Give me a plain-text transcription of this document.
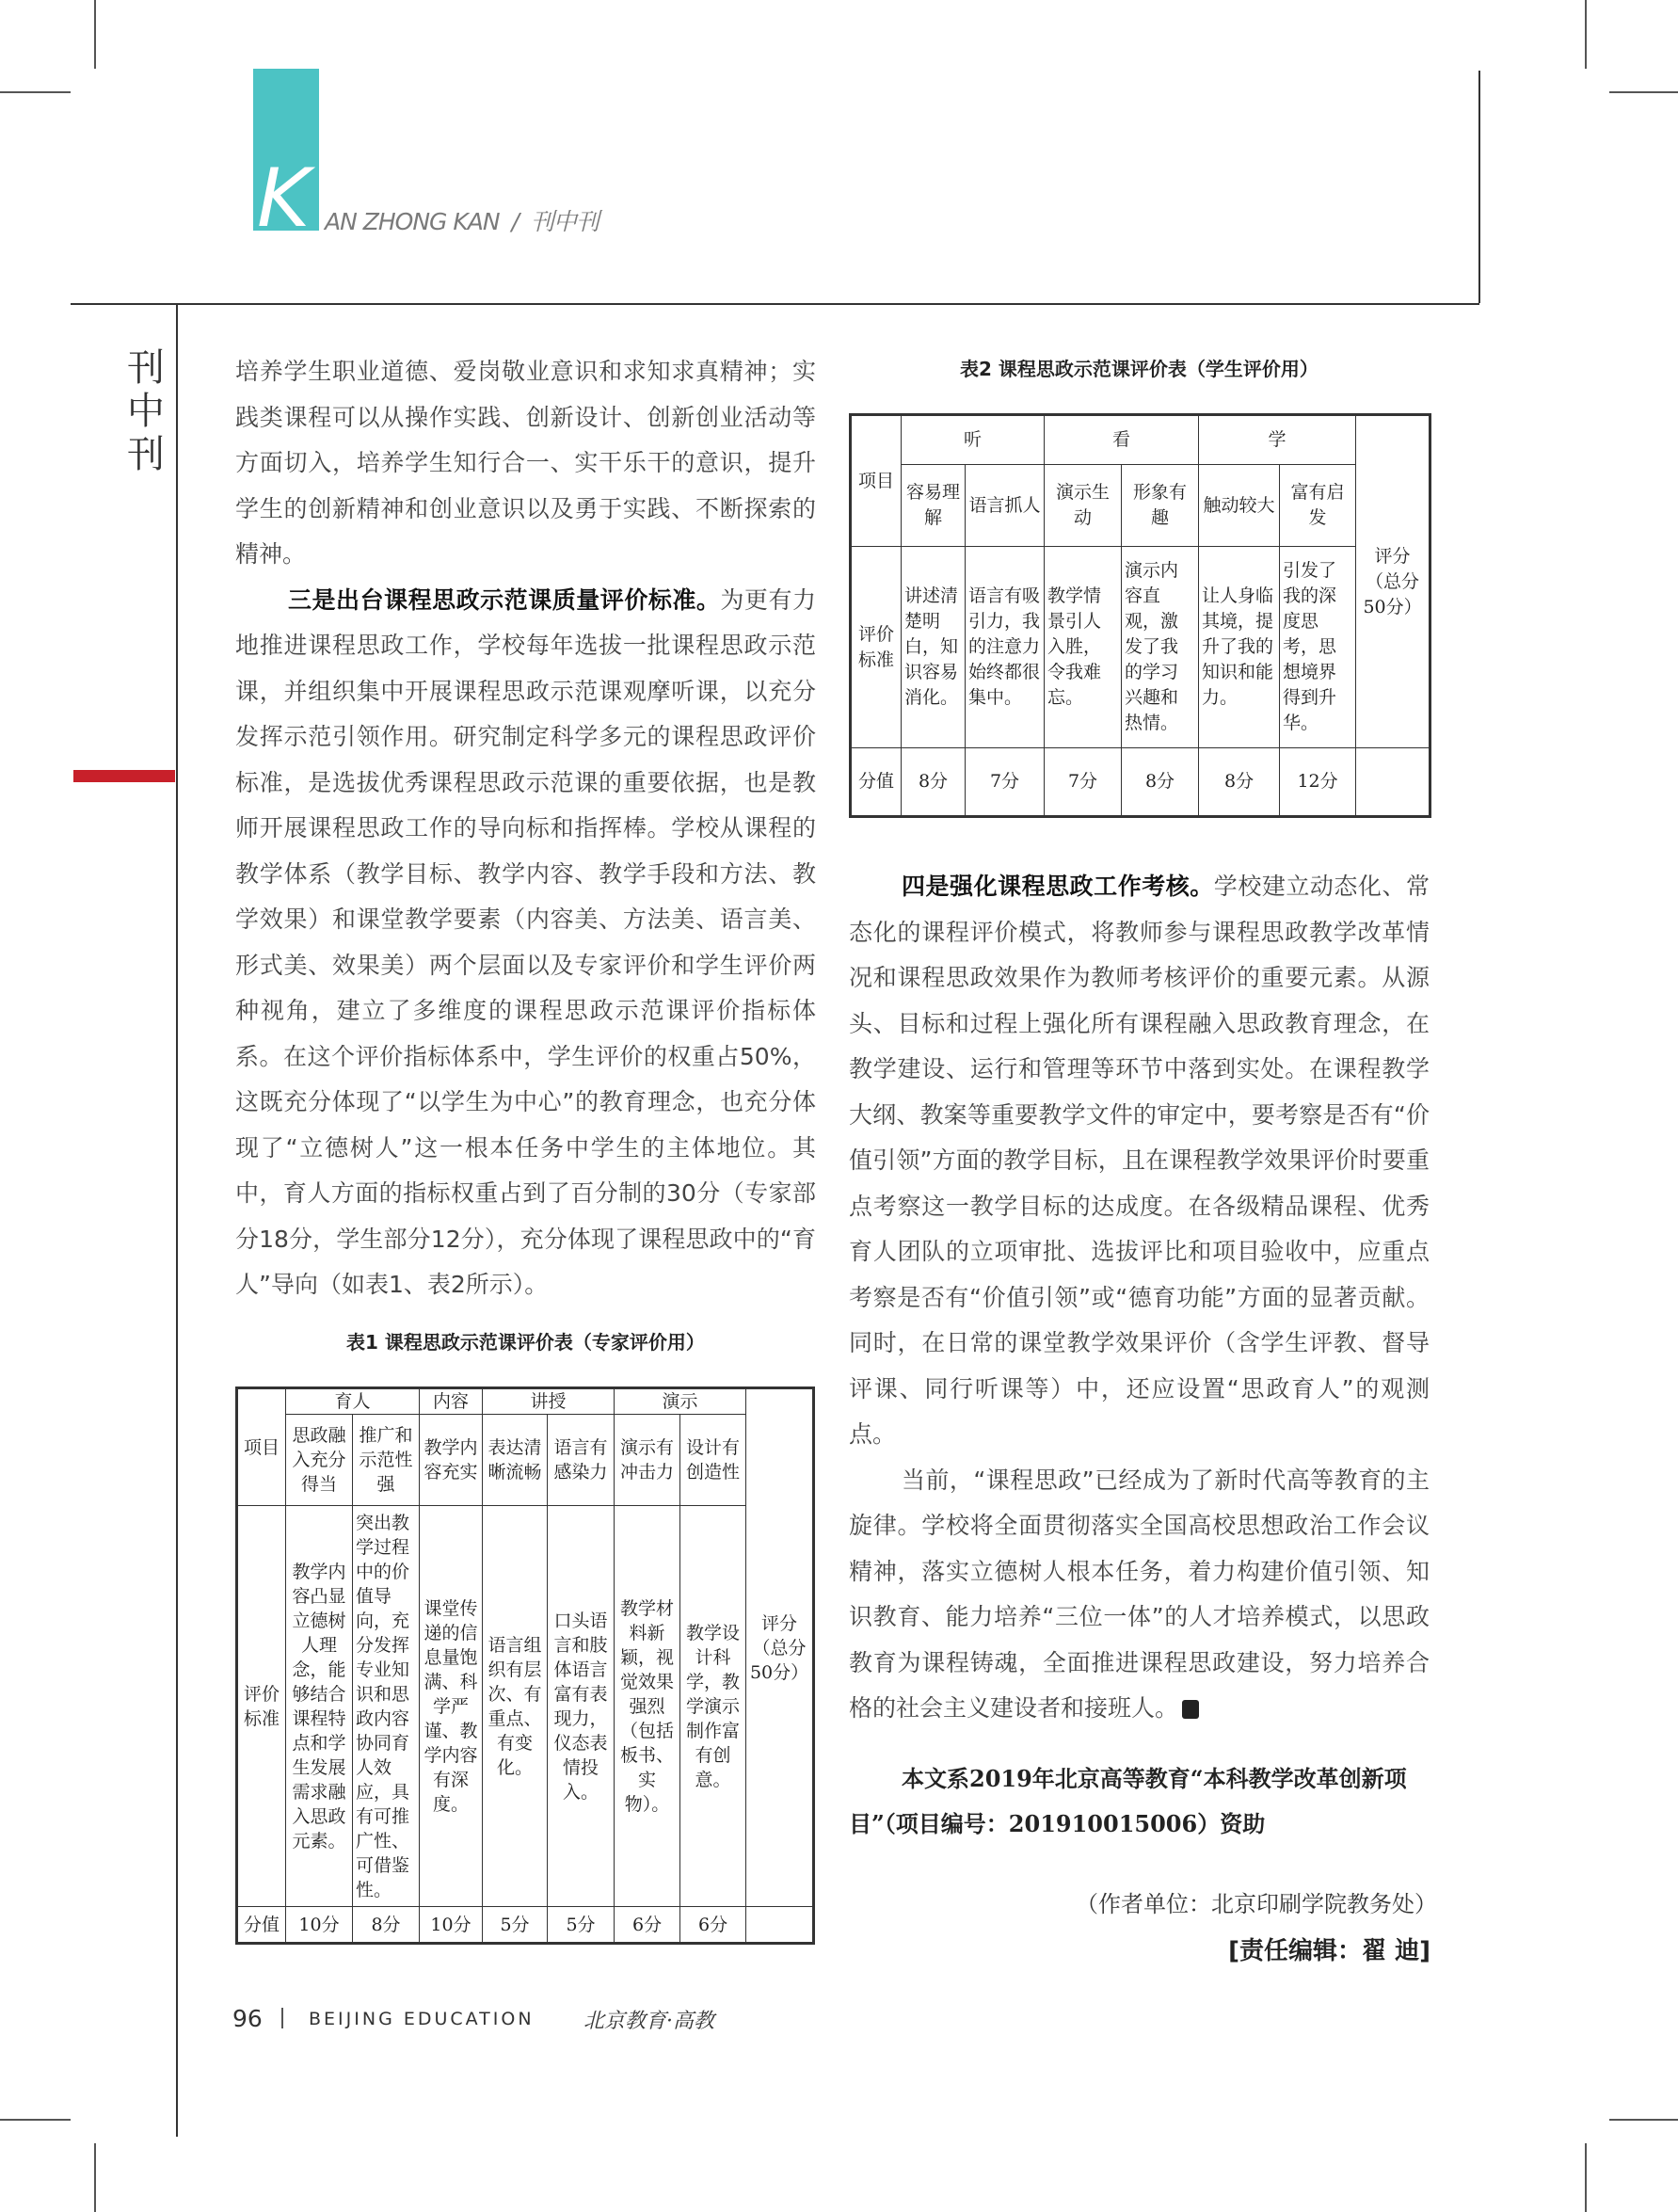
K AN ZHONG KAN / 刊中刊
刊中刊

培养学生职业道德、爱岗敬业意识和求知求真精神；实践类课程可以从操作实践、创新设计、创新创业活动等方面切入，培养学生知行合一、实干乐干的意识，提升学生的创新精神和创业意识以及勇于实践、不断探索的精神。

三是出台课程思政示范课质量评价标准。为更有力地推进课程思政工作，学校每年选拔一批课程思政示范课，并组织集中开展课程思政示范课观摩听课，以充分发挥示范引领作用。研究制定科学多元的课程思政评价标准，是选拔优秀课程思政示范课的重要依据，也是教师开展课程思政工作的导向标和指挥棒。学校从课程的教学体系（教学目标、教学内容、教学手段和方法、教学效果）和课堂教学要素（内容美、方法美、语言美、形式美、效果美）两个层面以及专家评价和学生评价两种视角，建立了多维度的课程思政示范课评价指标体系。在这个评价指标体系中，学生评价的权重占50%，这既充分体现了“以学生为中心”的教育理念，也充分体现了“立德树人”这一根本任务中学生的主体地位。其中，育人方面的指标权重占到了百分制的30分（专家部分18分，学生部分12分），充分体现了课程思政中的“育人”导向（如表1、表2所示）。

表1 课程思政示范课评价表（专家评价用）
项目	育人		内容	讲授		演示		评分（总分50分）
	思政融入充分得当	推广和示范性强	教学内容充实	表达清晰流畅	语言有感染力	演示有冲击力	设计有创造性	
评价标准	教学内容凸显立德树人理念，能够结合课程特点和学生发展需求融入思政元素。	突出教学过程中的价值导向，充分发挥专业知识和思政内容协同育人效应，具有可推广性、可借鉴性。	课堂传递的信息量饱满、科学严谨、教学内容有深度。	语言组织有层次、有重点、有变化。	口头语言和肢体语言富有表现力，仪态表情投入。	教学材料新颖，视觉效果强烈（包括板书、实物）。	教学设计科学，教学演示制作富有创意。	
分值	10分	8分	10分	5分	5分	6分	6分	
表2 课程思政示范课评价表（学生评价用）
项目	听		看		学		评分（总分50分）
	容易理解	语言抓人	演示生动	形象有趣	触动较大	富有启发	
评价标准	讲述清楚明白，知识容易消化。	语言有吸引力，我的注意力始终都很集中。	教学情景引人入胜，令我难忘。	演示内容直观，激发了我的学习兴趣和热情。	让人身临其境，提升了我的知识和能力。	引发了我的深度思考，思想境界得到升华。	
分值	8分	7分	7分	8分	8分	12分	

四是强化课程思政工作考核。学校建立动态化、常态化的课程评价模式，将教师参与课程思政教学改革情况和课程思政效果作为教师考核评价的重要元素。从源头、目标和过程上强化所有课程融入思政教育理念，在教学建设、运行和管理等环节中落到实处。在课程教学大纲、教案等重要教学文件的审定中，要考察是否有“价值引领”方面的教学目标，且在课程教学效果评价时要重点考察这一教学目标的达成度。在各级精品课程、优秀育人团队的立项审批、选拔评比和项目验收中，应重点考察是否有“价值引领”或“德育功能”方面的显著贡献。同时，在日常的课堂教学效果评价（含学生评教、督导评课、同行听课等）中，还应设置“思政育人”的观测点。

当前，“课程思政”已经成为了新时代高等教育的主旋律。学校将全面贯彻落实全国高校思想政治工作会议精神，落实立德树人根本任务，着力构建价值引领、知识教育、能力培养“三位一体”的人才培养模式，以思政教育为课程铸魂，全面推进课程思政建设，努力培养合格的社会主义建设者和接班人。

本文系2019年北京高等教育“本科教学改革创新项目”（项目编号：201910015006）资助
（作者单位：北京印刷学院教务处）
[责任编辑：翟 迪]
96	BEIJING EDUCATION 北京教育·高教
